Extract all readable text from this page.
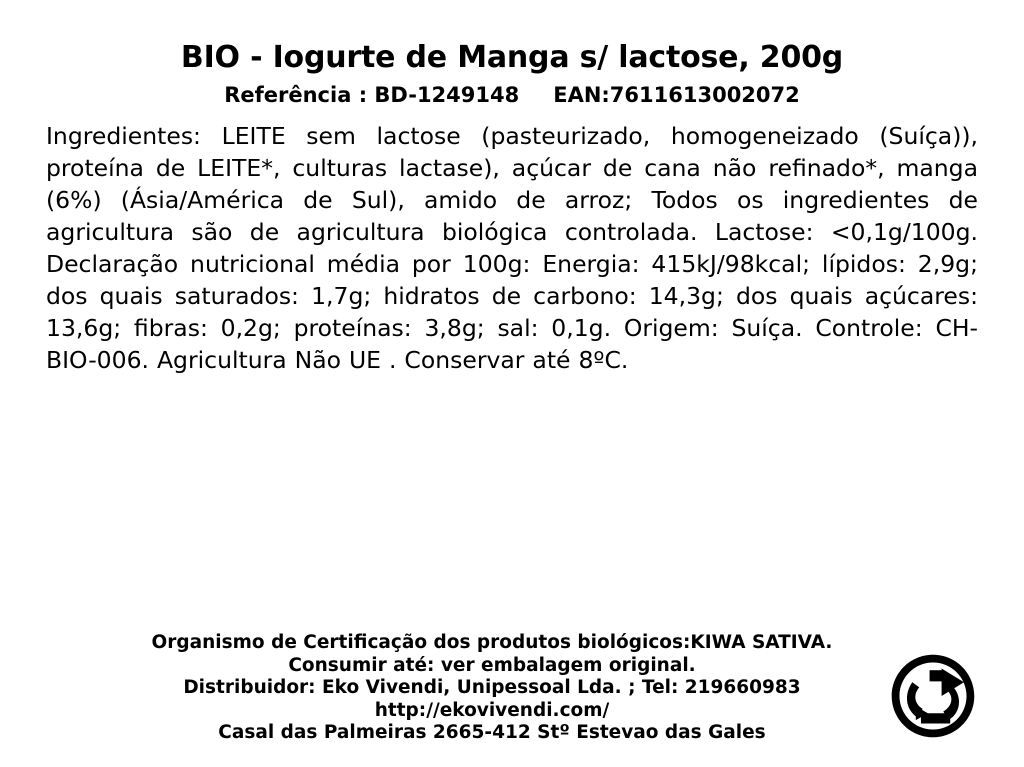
BIO - Iogurte de Manga s/ lactose, 200g
Referência : BD-1249148 EAN:7611613002072
Ingredientes: LEITE sem lactose (pasteurizado, homogeneizado (Suíça)), proteína de LEITE*, culturas lactase), açúcar de cana não refinado*, manga (6%) (Ásia/América de Sul), amido de arroz; Todos os ingredientes de agricultura são de agricultura biológica controlada. Lactose: <0,1g/100g. Declaração nutricional média por 100g: Energia: 415kJ/98kcal; lípidos: 2,9g; dos quais saturados: 1,7g; hidratos de carbono: 14,3g; dos quais açúcares: 13,6g; fibras: 0,2g; proteínas: 3,8g; sal: 0,1g. Origem: Suíça. Controle: CH-BIO-006. Agricultura Não UE . Conservar até 8ºC.
Organismo de Certificação dos produtos biológicos:KIWA SATIVA.
Consumir até: ver embalagem original.
Distribuidor: Eko Vivendi, Unipessoal Lda. ; Tel: 219660983
http://ekovivendi.com/
Casal das Palmeiras 2665-412 Stº Estevao das Gales
